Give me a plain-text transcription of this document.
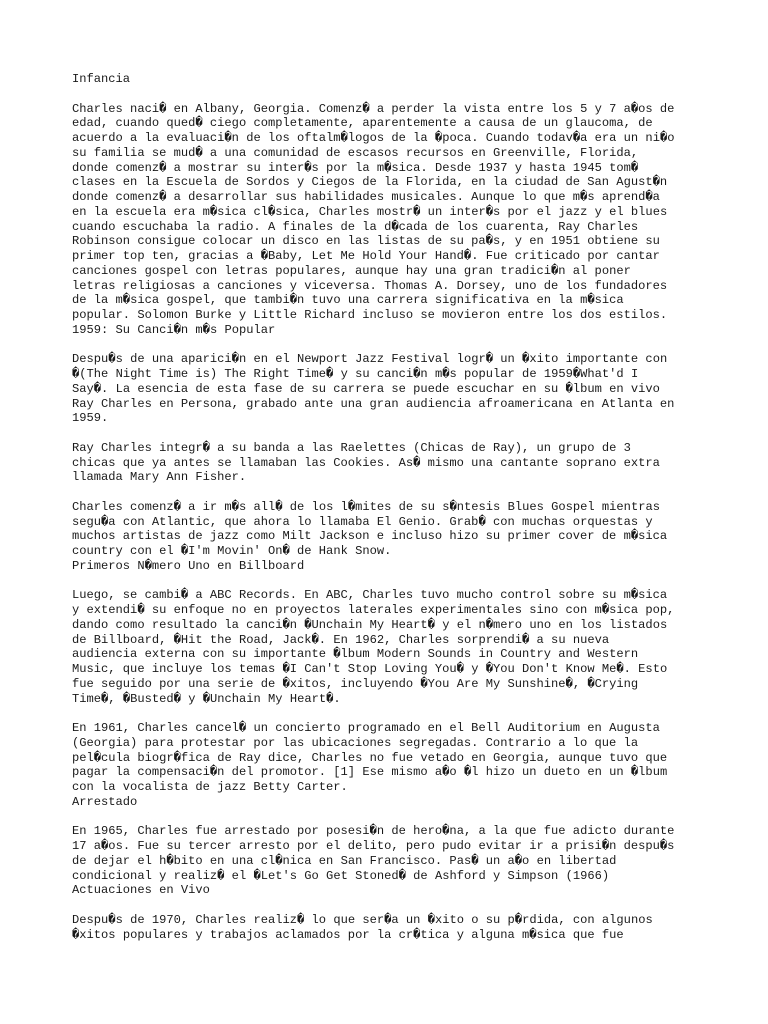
Infancia
Charles naci� en Albany, Georgia. Comenz� a perder la vista entre los 5 y 7 a�os de
edad, cuando qued� ciego completamente, aparentemente a causa de un glaucoma, de
acuerdo a la evaluaci�n de los oftalm�logos de la �poca. Cuando todav�a era un ni�o
su familia se mud� a una comunidad de escasos recursos en Greenville, Florida,
donde comenz� a mostrar su inter�s por la m�sica. Desde 1937 y hasta 1945 tom�
clases en la Escuela de Sordos y Ciegos de la Florida, en la ciudad de San Agust�n
donde comenz� a desarrollar sus habilidades musicales. Aunque lo que m�s aprend�a
en la escuela era m�sica cl�sica, Charles mostr� un inter�s por el jazz y el blues
cuando escuchaba la radio. A finales de la d�cada de los cuarenta, Ray Charles
Robinson consigue colocar un disco en las listas de su pa�s, y en 1951 obtiene su
primer top ten, gracias a �Baby, Let Me Hold Your Hand�. Fue criticado por cantar
canciones gospel con letras populares, aunque hay una gran tradici�n al poner
letras religiosas a canciones y viceversa. Thomas A. Dorsey, uno de los fundadores
de la m�sica gospel, que tambi�n tuvo una carrera significativa en la m�sica
popular. Solomon Burke y Little Richard incluso se movieron entre los dos estilos.
1959: Su Canci�n m�s Popular
Despu�s de una aparici�n en el Newport Jazz Festival logr� un �xito importante con
�(The Night Time is) The Right Time� y su canci�n m�s popular de 1959�What'd I
Say�. La esencia de esta fase de su carrera se puede escuchar en su �lbum en vivo
Ray Charles en Persona, grabado ante una gran audiencia afroamericana en Atlanta en
1959.
Ray Charles integr� a su banda a las Raelettes (Chicas de Ray), un grupo de 3
chicas que ya antes se llamaban las Cookies. As� mismo una cantante soprano extra
llamada Mary Ann Fisher.
Charles comenz� a ir m�s all� de los l�mites de su s�ntesis Blues Gospel mientras
segu�a con Atlantic, que ahora lo llamaba El Genio. Grab� con muchas orquestas y
muchos artistas de jazz como Milt Jackson e incluso hizo su primer cover de m�sica
country con el �I'm Movin' On� de Hank Snow.
Primeros N�mero Uno en Billboard
Luego, se cambi� a ABC Records. En ABC, Charles tuvo mucho control sobre su m�sica
y extendi� su enfoque no en proyectos laterales experimentales sino con m�sica pop,
dando como resultado la canci�n �Unchain My Heart� y el n�mero uno en los listados
de Billboard, �Hit the Road, Jack�. En 1962, Charles sorprendi� a su nueva
audiencia externa con su importante �lbum Modern Sounds in Country and Western
Music, que incluye los temas �I Can't Stop Loving You� y �You Don't Know Me�. Esto
fue seguido por una serie de �xitos, incluyendo �You Are My Sunshine�, �Crying
Time�, �Busted� y �Unchain My Heart�.
En 1961, Charles cancel� un concierto programado en el Bell Auditorium en Augusta
(Georgia) para protestar por las ubicaciones segregadas. Contrario a lo que la
pel�cula biogr�fica de Ray dice, Charles no fue vetado en Georgia, aunque tuvo que
pagar la compensaci�n del promotor. [1] Ese mismo a�o �l hizo un dueto en un �lbum
con la vocalista de jazz Betty Carter.
Arrestado
En 1965, Charles fue arrestado por posesi�n de hero�na, a la que fue adicto durante
17 a�os. Fue su tercer arresto por el delito, pero pudo evitar ir a prisi�n despu�s
de dejar el h�bito en una cl�nica en San Francisco. Pas� un a�o en libertad
condicional y realiz� el �Let's Go Get Stoned� de Ashford y Simpson (1966)
Actuaciones en Vivo
Despu�s de 1970, Charles realiz� lo que ser�a un �xito o su p�rdida, con algunos
�xitos populares y trabajos aclamados por la cr�tica y alguna m�sica que fue
